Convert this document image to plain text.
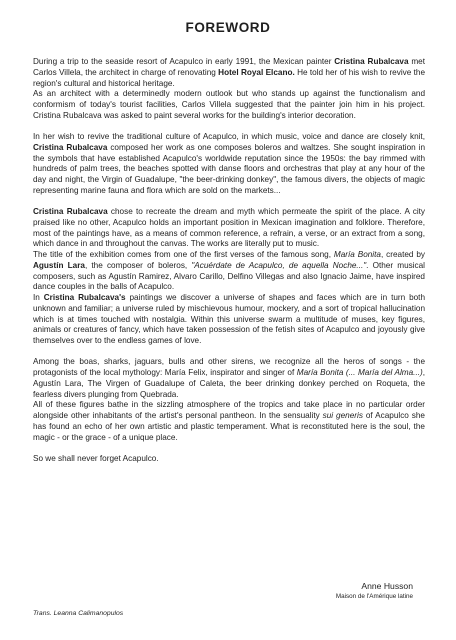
FOREWORD

During a trip to the seaside resort of Acapulco in early 1991, the Mexican painter Cristina Rubalcava met Carlos Villela, the architect in charge of renovating Hotel Royal Elcano. He told her of his wish to revive the region's cultural and historical heritage.

As an architect with a determinedly modern outlook but who stands up against the functionalism and conformism of today's tourist facilities, Carlos Villela suggested that the painter join him in his project. Cristina Rubalcava was asked to paint several works for the building's interior decoration.

In her wish to revive the traditional culture of Acapulco, in which music, voice and dance are closely knit, Cristina Rubalcava composed her work as one composes boleros and waltzes. She sought inspiration in the symbols that have established Acapulco's worldwide reputation since the 1950s: the bay rimmed with hundreds of palm trees, the beaches spotted with danse floors and orchestras that play at any hour of the day and night, the Virgin of Guadalupe, "the beer-drinking donkey", the famous divers, the objects of magic representing marine fauna and flora which are sold on the markets...

Cristina Rubalcava chose to recreate the dream and myth which permeate the spirit of the place. A city praised like no other, Acapulco holds an important position in Mexican imagination and folklore. Therefore, most of the paintings have, as a means of common reference, a refrain, a verse, or an extract from a song, which dance in and throughout the canvas. The works are literally put to music.

The title of the exhibition comes from one of the first verses of the famous song, María Bonita, created by Agustín Lara, the composer of boleros, "Acuérdate de Acapulco, de aquella Noche...". Other musical composers, such as Agustín Ramirez, Alvaro Carillo, Delfino Villegas and also Ignacio Jaime, have inspired dance couples in the balls of Acapulco.

In Cristina Rubalcava's paintings we discover a universe of shapes and faces which are in turn both unknown and familiar; a universe ruled by mischievous humour, mockery, and a sort of tropical hallucination which is at times touched with nostalgia. Within this universe swarm a multitude of muses, key figures, animals or creatures of fancy, which have taken possession of the fetish sites of Acapulco and joyously give themselves over to the endless games of love.

Among the boas, sharks, jaguars, bulls and other sirens, we recognize all the heros of songs - the protagonists of the local mythology: María Felix, inspirator and singer of María Bonita (... María del Alma...), Agustín Lara, The Virgen of Guadalupe of Caleta, the beer drinking donkey perched on Roqueta, the fearless divers plunging from Quebrada.

All of these figures bathe in the sizzling atmosphere of the tropics and take place in no particular order alongside other inhabitants of the artist's personal pantheon. In the sensuality sui generis of Acapulco she has found an echo of her own artistic and plastic temperament. What is reconstituted here is the soul, the magic - or the grace - of a unique place.

So we shall never forget Acapulco.

Anne Husson
Maison de l'Amérique latine

Trans. Leanna Calimanopulos
